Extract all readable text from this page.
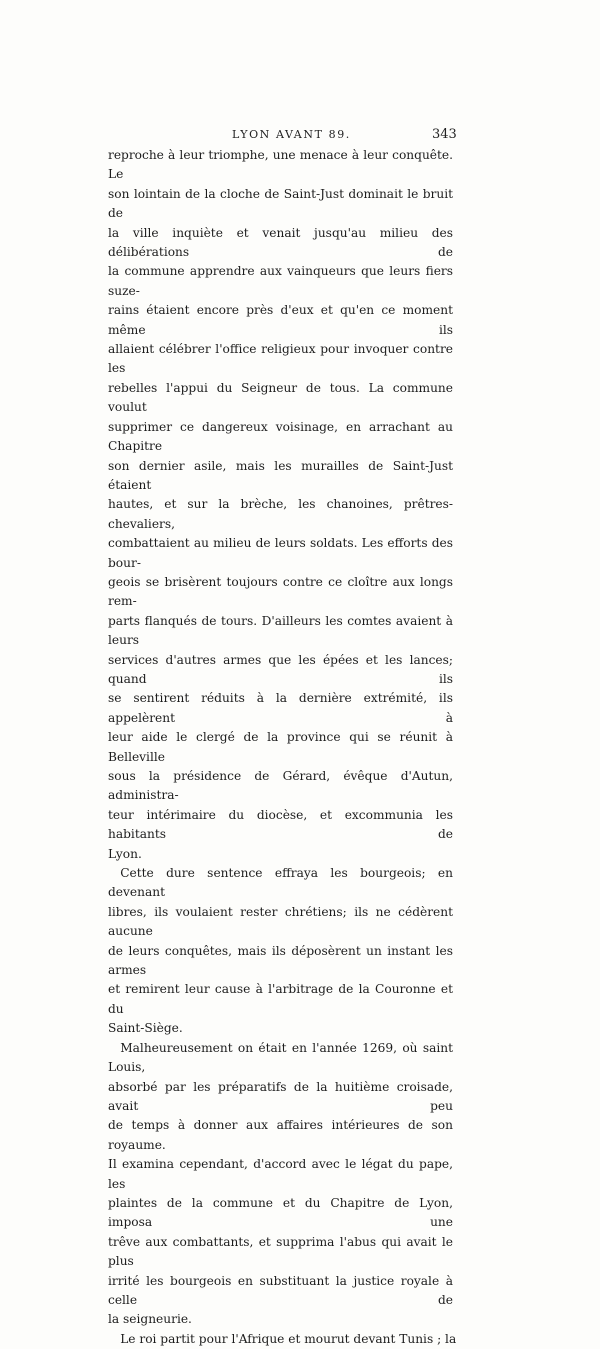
LYON AVANT 89.	343
reproche à leur triomphe, une menace à leur conquête. Le
son lointain de la cloche de Saint-Just dominait le bruit de
la ville inquiète et venait jusqu'au milieu des délibérations de
la commune apprendre aux vainqueurs que leurs fiers suze-
rains étaient encore près d'eux et qu'en ce moment même ils
allaient célébrer l'office religieux pour invoquer contre les
rebelles l'appui du Seigneur de tous. La commune voulut
supprimer ce dangereux voisinage, en arrachant au Chapitre
son dernier asile, mais les murailles de Saint-Just étaient
hautes, et sur la brèche, les chanoines, prêtres-chevaliers,
combattaient au milieu de leurs soldats. Les efforts des bour-
geois se brisèrent toujours contre ce cloître aux longs rem-
parts flanqués de tours. D'ailleurs les comtes avaient à leurs
services d'autres armes que les épées et les lances; quand ils
se sentirent réduits à la dernière extrémité, ils appelèrent à
leur aide le clergé de la province qui se réunit à Belleville
sous la présidence de Gérard, évêque d'Autun, administra-
teur intérimaire du diocèse, et excommunia les habitants de
Lyon.
 Cette dure sentence effraya les bourgeois; en devenant
libres, ils voulaient rester chrétiens; ils ne cédèrent aucune
de leurs conquêtes, mais ils déposèrent un instant les armes
et remirent leur cause à l'arbitrage de la Couronne et du
Saint-Siège.
 Malheureusement on était en l'année 1269, où saint Louis,
absorbé par les préparatifs de la huitième croisade, avait peu
de temps à donner aux affaires intérieures de son royaume.
Il examina cependant, d'accord avec le légat du pape, les
plaintes de la commune et du Chapitre de Lyon, imposa une
trêve aux combattants, et supprima l'abus qui avait le plus
irrité les bourgeois en substituant la justice royale à celle de
la seigneurie.
 Le roi partit pour l'Afrique et mourut devant Tunis ; la
